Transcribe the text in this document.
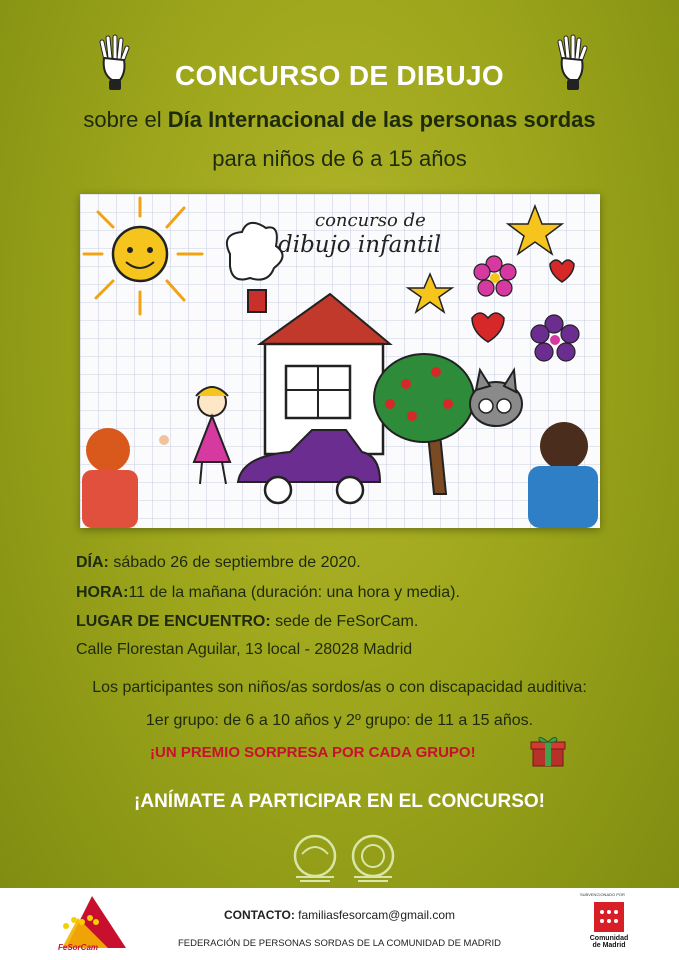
CONCURSO DE DIBUJO
sobre el Día Internacional de las personas sordas
para niños de 6 a 15 años
concurso de
dibujo infantil
DÍA: sábado 26 de septiembre de 2020.
HORA:11 de la mañana (duración: una hora y media).
LUGAR DE ENCUENTRO: sede de FeSorCam.
Calle Florestan Aguilar, 13 local - 28028 Madrid
Los participantes son niños/as sordos/as o con discapacidad auditiva:
1er grupo: de 6 a 10 años y 2º grupo: de 11 a 15 años.
¡UN PREMIO SORPRESA POR CADA GRUPO!
¡ANÍMATE A PARTICIPAR EN EL CONCURSO!
FeSorCam
CONTACTO: familiasfesorcam@gmail.com
FEDERACIÓN DE PERSONAS SORDAS DE LA COMUNIDAD DE MADRID
SUBVENCIONADO POR
Comunidad
de Madrid
